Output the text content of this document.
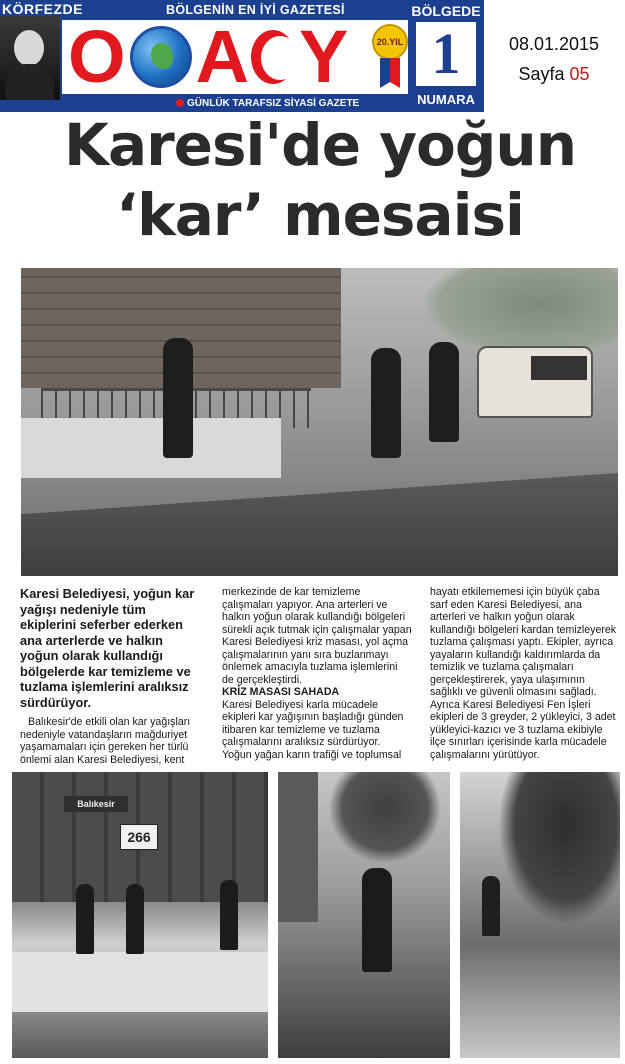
KÖRFEZDE	BÖLGENİN EN İYİ GAZETESİ
O A Y	20.YIL
GÜNLÜK TARAFSIZ SİYASİ GAZETE
BÖLGEDE
1
NUMARA
08.01.2015
Sayfa 05
Karesi'de yoğun
‘kar’ mesaisi

Karesi Belediyesi, yoğun kar yağışı nedeniyle tüm ekiplerini seferber ederken ana arterlerde ve halkın yoğun olarak kullandığı bölgelerde kar temizleme ve tuzlama işlemlerini aralıksız sürdürüyor.

Balıkesir'de etkili olan kar yağışları nedeniyle vatandaşların mağduriyet yaşamamaları için gereken her türlü önlemi alan Karesi Belediyesi, kent

merkezinde de kar temizleme çalışmaları yapıyor. Ana arterleri ve halkın yoğun olarak kullandığı bölgeleri sürekli açık tutmak için çalışmalar yapan Karesi Belediyesi kriz masası, yol açma çalışmalarının yanı sıra buzlanmayı önlemek amacıyla tuzlama işlemlerini de gerçekleştirdi.

KRİZ MASASI SAHADA

Karesi Belediyesi karla mücadele ekipleri kar yağışının başladığı günden itibaren kar temizleme ve tuzlama çalışmalarını aralıksız sürdürüyor. Yoğun yağan karın trafiği ve toplumsal

hayatı etkilememesi için büyük çaba sarf eden Karesi Belediyesi, ana arterleri ve halkın yoğun olarak kullandığı bölgeleri kardan temizleyerek tuzlama çalışması yaptı. Ekipler, ayrıca yayaların kullandığı kaldırımlarda da temizlik ve tuzlama çalışmaları gerçekleştirerek, yaya ulaşımının sağlıklı ve güvenli olmasını sağladı. Ayrıca Karesi Belediyesi Fen İşleri ekipleri de 3 greyder, 2 yükleyici, 3 adet yükleyici-kazıcı ve 3 tuzlama ekibiyle ilçe sınırları içerisinde karla mücadele çalışmalarını yürütüyor.

Balıkesir
266
